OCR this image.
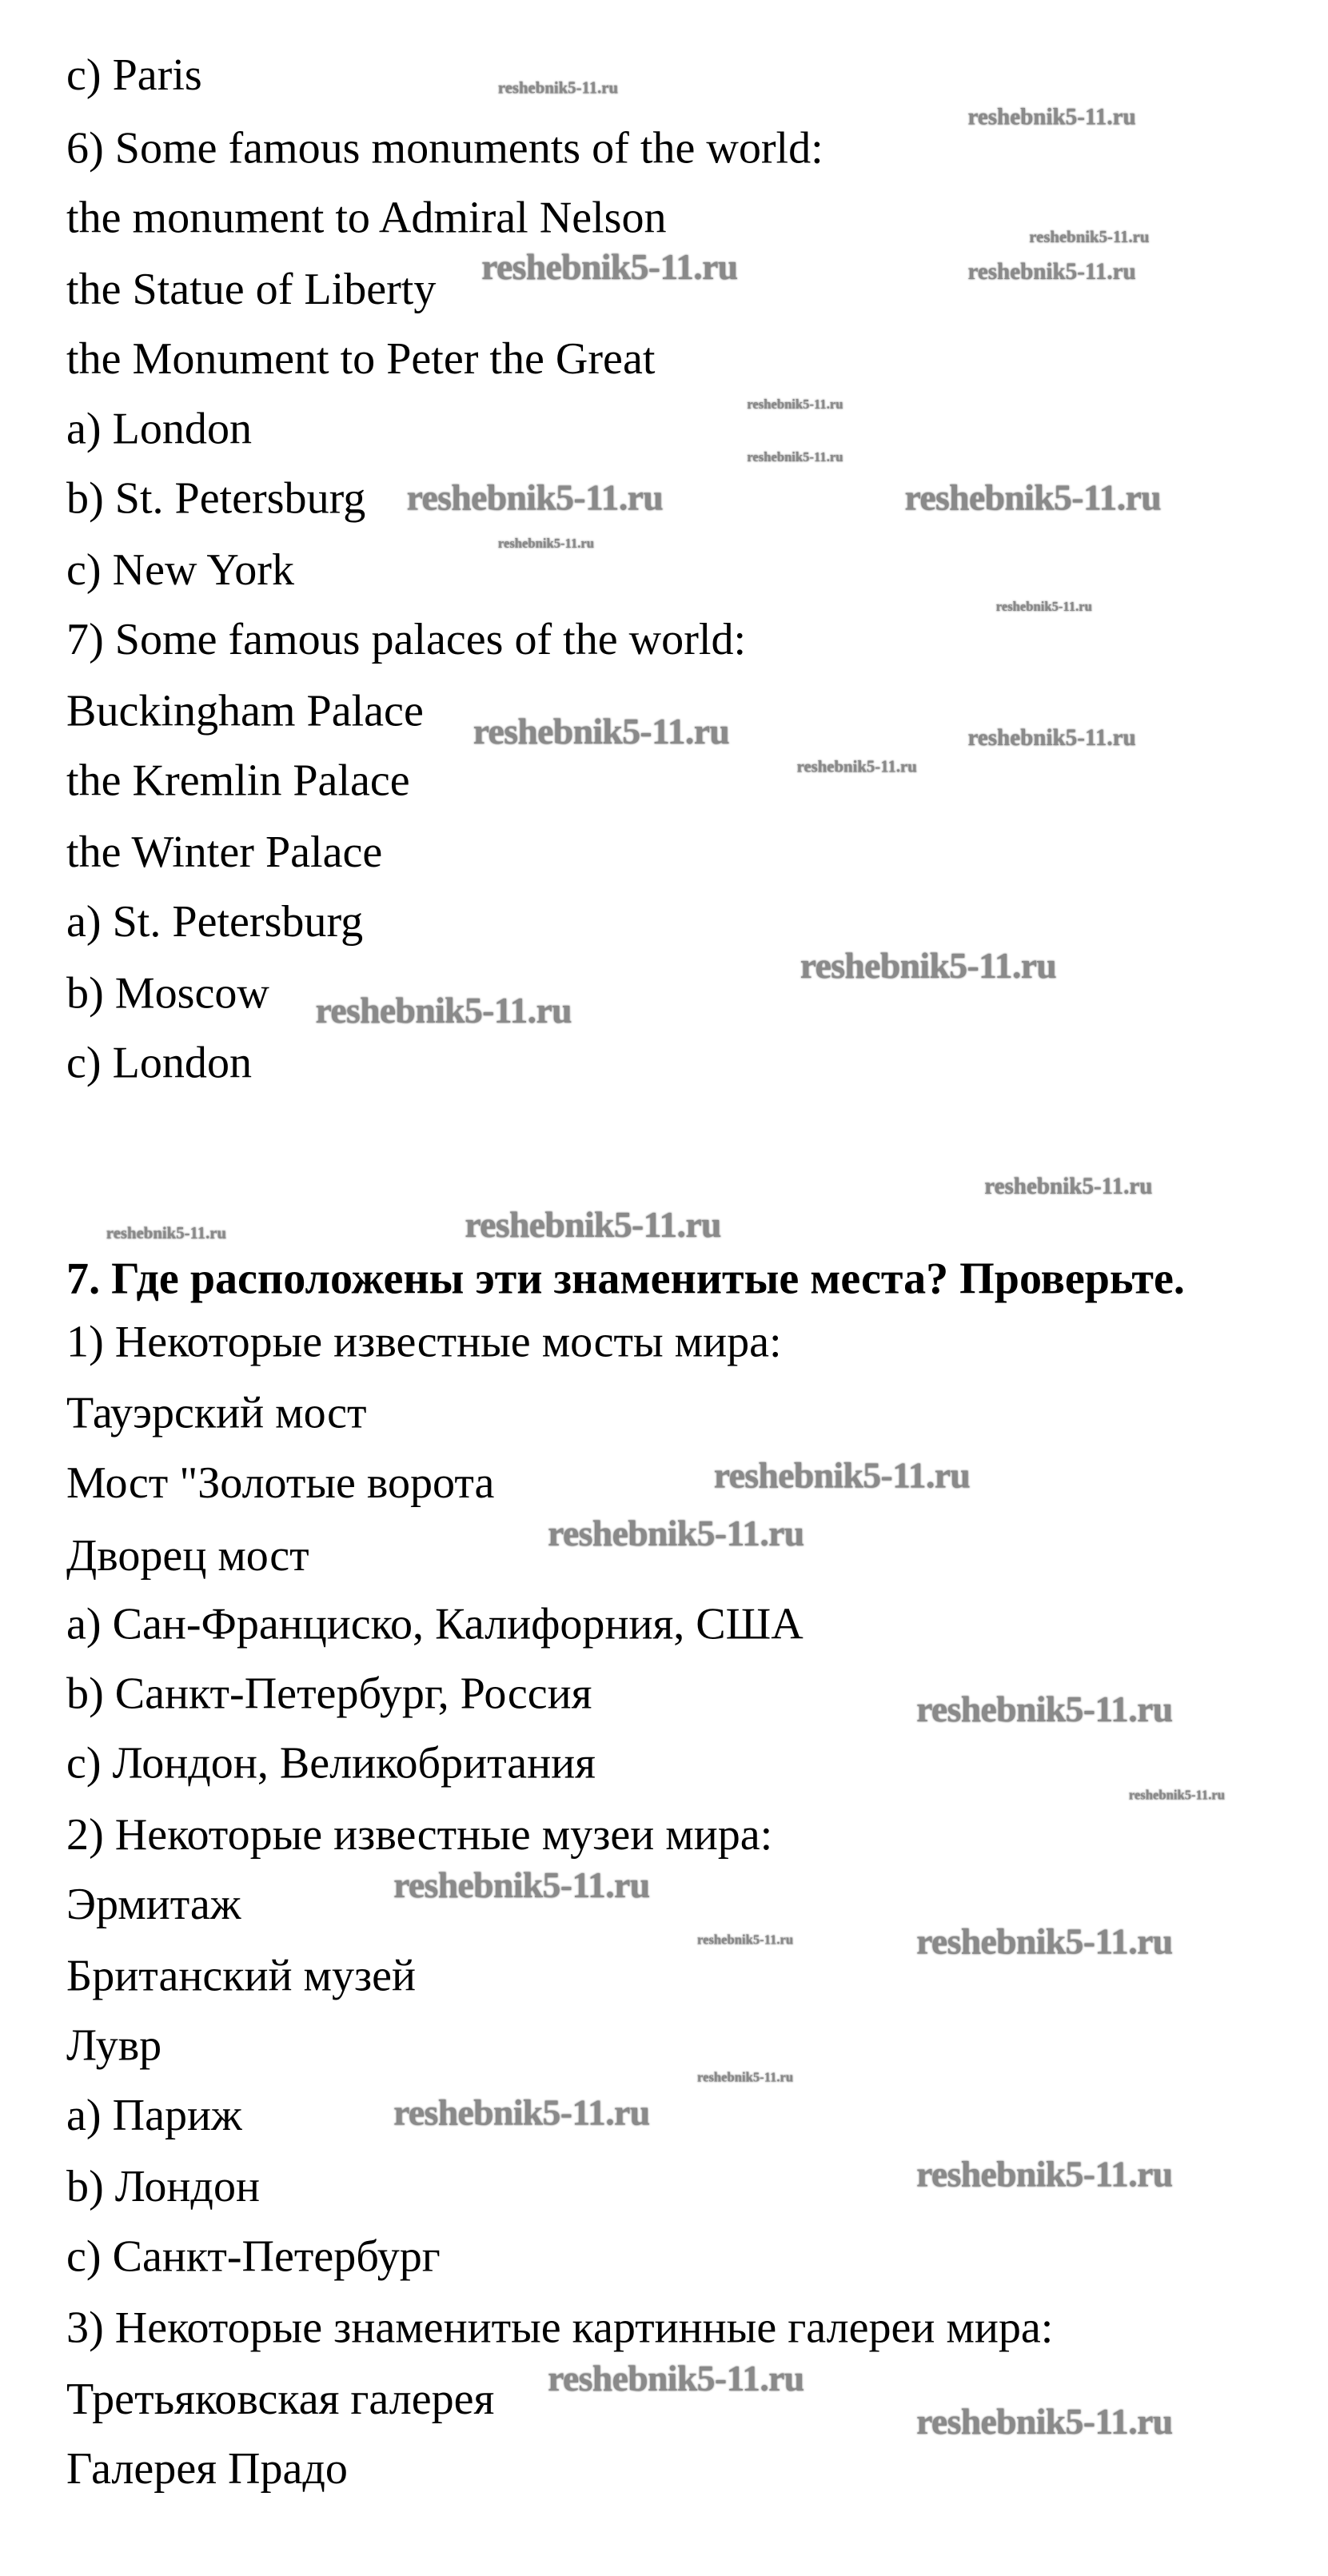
c) Paris
6) Some famous monuments of the world:
the monument to Admiral Nelson
the Statue of Liberty
the Monument to Peter the Great
a) London
b) St. Petersburg
c) New York
7) Some famous palaces of the world:
Buckingham Palace
the Kremlin Palace
the Winter Palace
a) St. Petersburg
b) Moscow
c) London
7. Где расположены эти знаменитые места? Проверьте.
1) Некоторые известные мосты мира:
Тауэрский мост
Мост "Золотые ворота
Дворец мост
a) Сан-Франциско, Калифорния, США
b) Санкт-Петербург, Россия
c) Лондон, Великобритания
2) Некоторые известные музеи мира:
Эрмитаж
Британский музей
Лувр
a) Париж
b) Лондон
c) Санкт-Петербург
3) Некоторые знаменитые картинные галереи мира:
Третьяковская галерея
Галерея Прадо
reshebnik5-11.ru
reshebnik5-11.ru
reshebnik5-11.ru
reshebnik5-11.ru	reshebnik5-11.ru
reshebnik5-11.ru
reshebnik5-11.ru
reshebnik5-11.ru	reshebnik5-11.ru
reshebnik5-11.ru
reshebnik5-11.ru
reshebnik5-11.ru	reshebnik5-11.ru
reshebnik5-11.ru
reshebnik5-11.ru
reshebnik5-11.ru
reshebnik5-11.ru
reshebnik5-11.ru	reshebnik5-11.ru
reshebnik5-11.ru
reshebnik5-11.ru
reshebnik5-11.ru
reshebnik5-11.ru
reshebnik5-11.ru
reshebnik5-11.ru	reshebnik5-11.ru
reshebnik5-11.ru
reshebnik5-11.ru
reshebnik5-11.ru
reshebnik5-11.ru
reshebnik5-11.ru
